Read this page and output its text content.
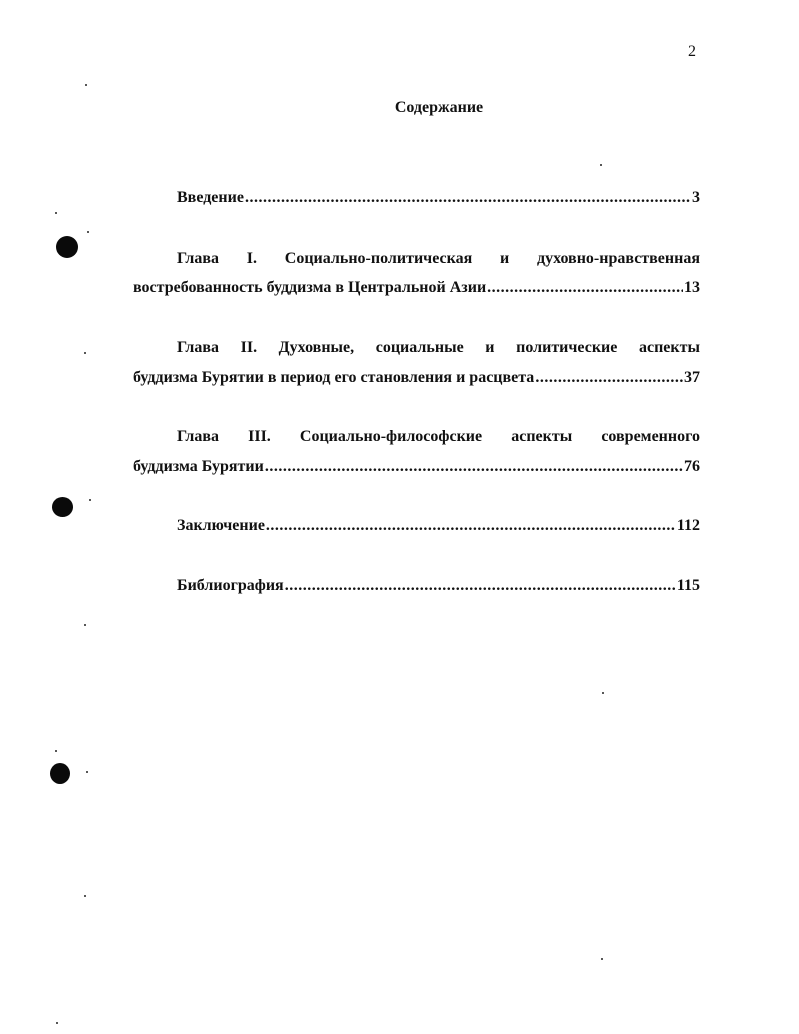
2
Содержание
Введение .....	3
Глава I. Социально-политическая и духовно-нравственная
востребованность буддизма в Центральной Азии .....	13
Глава II. Духовные, социальные и политические аспекты
буддизма Бурятии в период его становления и расцвета .....	37
Глава III. Социально-философские аспекты современного
буддизма Бурятии .....	76
Заключение .....	112
Библиография .....	115
